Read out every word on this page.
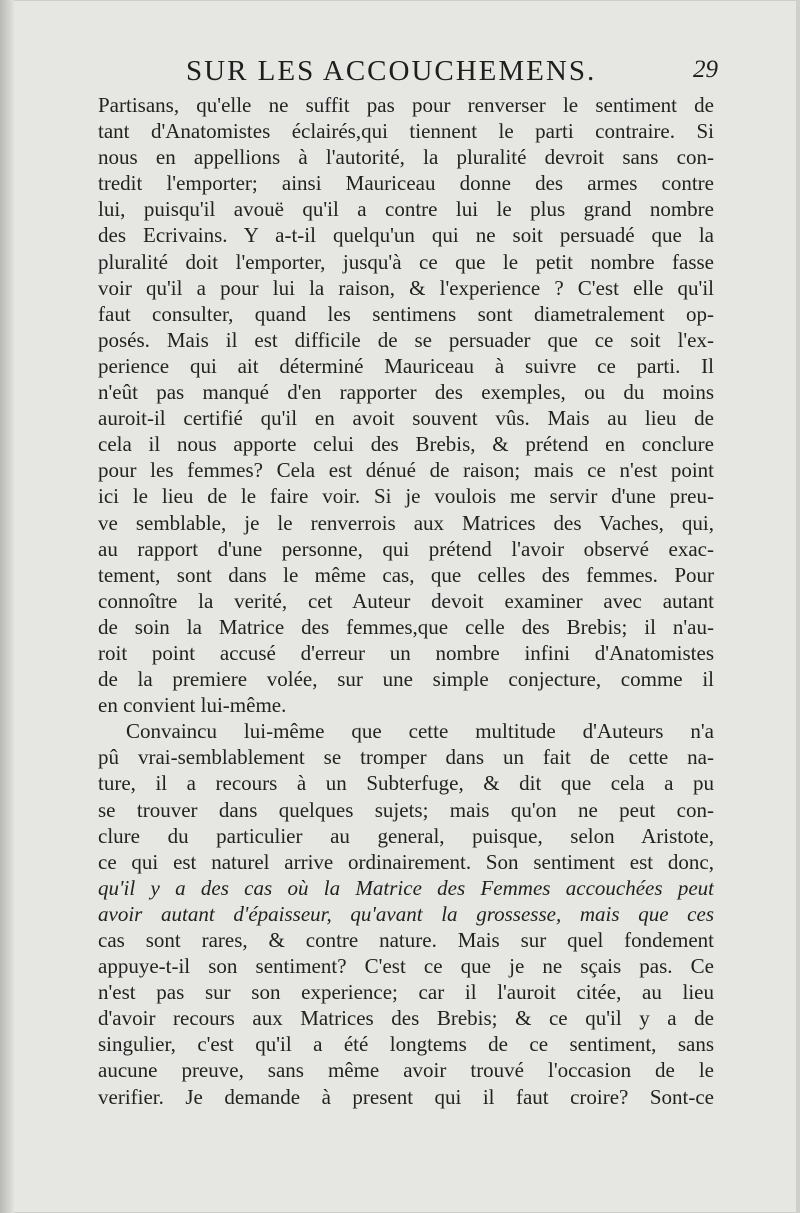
SUR LES ACCOUCHEMENS.	29
Partisans, qu'elle ne suffit pas pour renverser le sentiment de
tant d'Anatomistes éclairés,qui tiennent le parti contraire. Si
nous en appellions à l'autorité, la pluralité devroit sans con-
tredit l'emporter; ainsi Mauriceau donne des armes contre
lui, puisqu'il avouë qu'il a contre lui le plus grand nombre
des Ecrivains. Y a-t-il quelqu'un qui ne soit persuadé que la
pluralité doit l'emporter, jusqu'à ce que le petit nombre fasse
voir qu'il a pour lui la raison, & l'experience ? C'est elle qu'il
faut consulter, quand les sentimens sont diametralement op-
posés. Mais il est difficile de se persuader que ce soit l'ex-
perience qui ait déterminé Mauriceau à suivre ce parti. Il
n'eût pas manqué d'en rapporter des exemples, ou du moins
auroit-il certifié qu'il en avoit souvent vûs. Mais au lieu de
cela il nous apporte celui des Brebis, & prétend en conclure
pour les femmes? Cela est dénué de raison; mais ce n'est point
ici le lieu de le faire voir. Si je voulois me servir d'une preu-
ve semblable, je le renverrois aux Matrices des Vaches, qui,
au rapport d'une personne, qui prétend l'avoir observé exac-
tement, sont dans le même cas, que celles des femmes. Pour
connoître la verité, cet Auteur devoit examiner avec autant
de soin la Matrice des femmes,que celle des Brebis; il n'au-
roit point accusé d'erreur un nombre infini d'Anatomistes
de la premiere volée, sur une simple conjecture, comme il
en convient lui-même.
Convaincu lui-même que cette multitude d'Auteurs n'a
pû vrai-semblablement se tromper dans un fait de cette na-
ture, il a recours à un Subterfuge, & dit que cela a pu
se trouver dans quelques sujets; mais qu'on ne peut con-
clure du particulier au general, puisque, selon Aristote,
ce qui est naturel arrive ordinairement. Son sentiment est donc,
qu'il y a des cas où la Matrice des Femmes accouchées peut
avoir autant d'épaisseur, qu'avant la grossesse, mais que ces
cas sont rares, & contre nature. Mais sur quel fondement
appuye-t-il son sentiment? C'est ce que je ne sçais pas. Ce
n'est pas sur son experience; car il l'auroit citée, au lieu
d'avoir recours aux Matrices des Brebis; & ce qu'il y a de
singulier, c'est qu'il a été longtems de ce sentiment, sans
aucune preuve, sans même avoir trouvé l'occasion de le
verifier. Je demande à present qui il faut croire? Sont-ce
